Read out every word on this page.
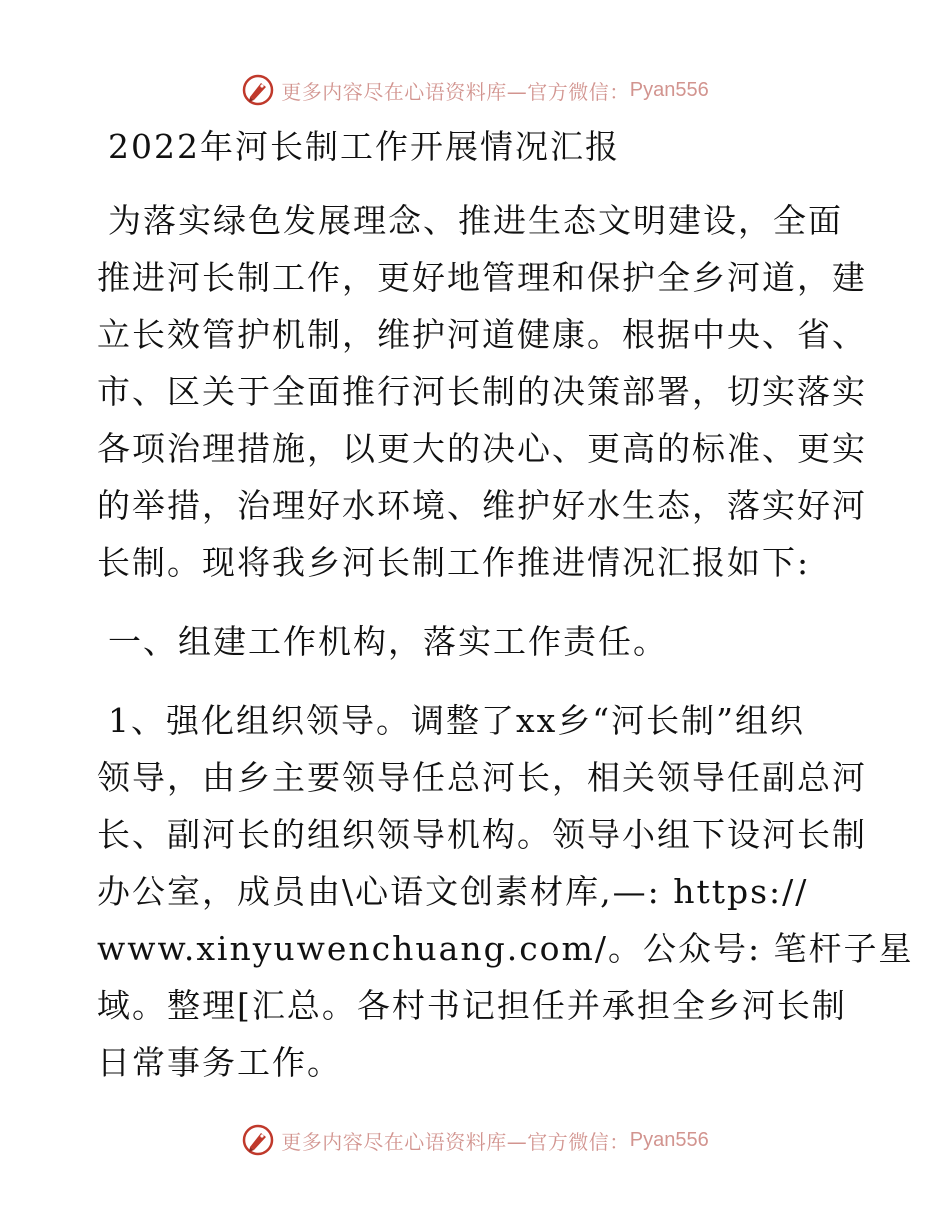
更多内容尽在心语资料库—官方微信： Pyan556
2022年河长制工作开展情况汇报
为落实绿色发展理念、推进生态文明建设，全面
推进河长制工作，更好地管理和保护全乡河道，建
立长效管护机制，维护河道健康。根据中央、省、
市、区关于全面推行河长制的决策部署，切实落实
各项治理措施，以更大的决心、更高的标准、更实
的举措，治理好水环境、维护好水生态，落实好河
长制。现将我乡河长制工作推进情况汇报如下:
一、组建工作机构，落实工作责任。
1、强化组织领导。调整了xx乡“河长制”组织
领导，由乡主要领导任总河长，相关领导任副总河
长、副河长的组织领导机构。领导小组下设河长制
办公室，成员由\心语文创素材库,—: https://
www.xinyuwenchuang.com/。公众号: 笔杆子星
域。整理[汇总。各村书记担任并承担全乡河长制
日常事务工作。
更多内容尽在心语资料库—官方微信： Pyan556
